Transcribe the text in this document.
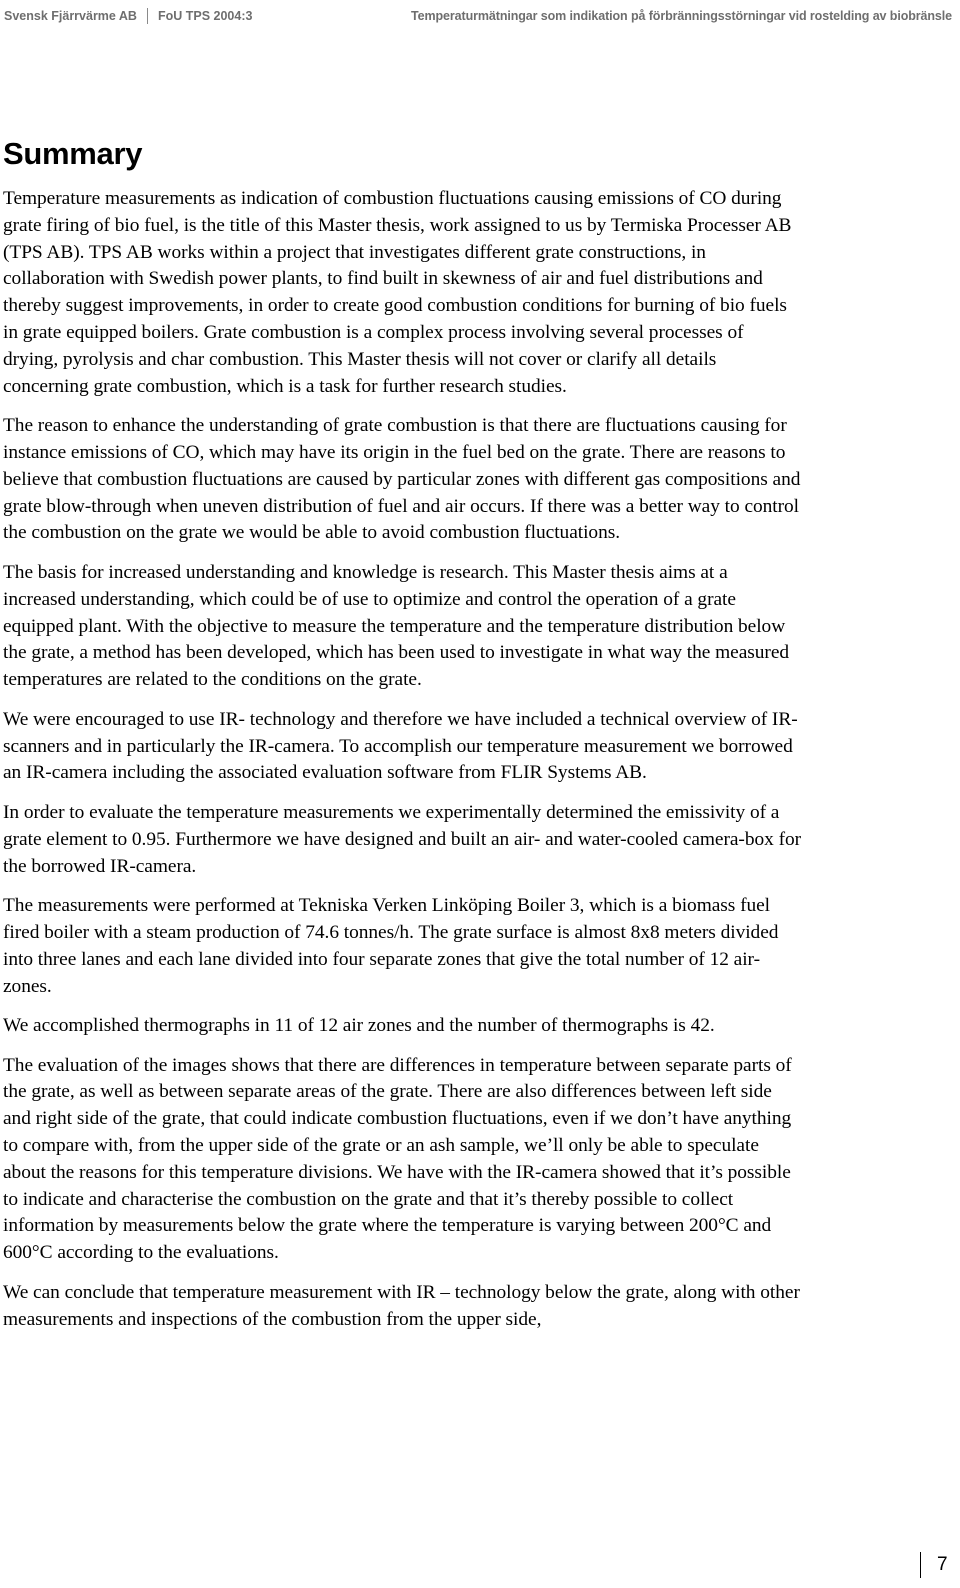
Svensk Fjärrvärme AB	FoU TPS 2004:3	Temperaturmätningar som indikation på förbränningsstörningar vid rostelding av biobränsle
Summary

Temperature measurements as indication of combustion fluctuations causing emissions of CO during grate firing of bio fuel, is the title of this Master thesis, work assigned to us by Termiska Processer AB (TPS AB). TPS AB works within a project that investigates different grate constructions, in collaboration with Swedish power plants, to find built in skewness of air and fuel distributions and thereby suggest improvements, in order to create good combustion conditions for burning of bio fuels in grate equipped boilers. Grate combustion is a complex process involving several processes of drying, pyrolysis and char combustion. This Master thesis will not cover or clarify all details concerning grate combustion, which is a task for further research studies.

The reason to enhance the understanding of grate combustion is that there are fluctuations causing for instance emissions of CO, which may have its origin in the fuel bed on the grate. There are reasons to believe that combustion fluctuations are caused by particular zones with different gas compositions and grate blow-through when uneven distribution of fuel and air occurs. If there was a better way to control the combustion on the grate we would be able to avoid combustion fluctuations.

The basis for increased understanding and knowledge is research. This Master thesis aims at a increased understanding, which could be of use to optimize and control the operation of a grate equipped plant. With the objective to measure the temperature and the temperature distribution below the grate, a method has been developed, which has been used to investigate in what way the measured temperatures are related to the conditions on the grate.

We were encouraged to use IR- technology and therefore we have included a technical overview of IR-scanners and in particularly the IR-camera. To accomplish our temperature measurement we borrowed an IR-camera including the associated evaluation software from FLIR Systems AB.

In order to evaluate the temperature measurements we experimentally determined the emissivity of a grate element to 0.95. Furthermore we have designed and built an air- and water-cooled camera-box for the borrowed IR-camera.

The measurements were performed at Tekniska Verken Linköping Boiler 3, which is a biomass fuel fired boiler with a steam production of 74.6 tonnes/h. The grate surface is almost 8x8 meters divided into three lanes and each lane divided into four separate zones that give the total number of 12 air-zones.

We accomplished thermographs in 11 of 12 air zones and the number of thermographs is 42.

The evaluation of the images shows that there are differences in temperature between separate parts of the grate, as well as between separate areas of the grate. There are also differences between left side and right side of the grate, that could indicate combustion fluctuations, even if we don’t have anything to compare with, from the upper side of the grate or an ash sample, we’ll only be able to speculate about the reasons for this temperature divisions. We have with the IR-camera showed that it’s possible to indicate and characterise the combustion on the grate and that it’s thereby possible to collect information by measurements below the grate where the temperature is varying between 200°C and 600°C according to the evaluations.

We can conclude that temperature measurement with IR – technology below the grate, along with other measurements and inspections of the combustion from the upper side,

7
